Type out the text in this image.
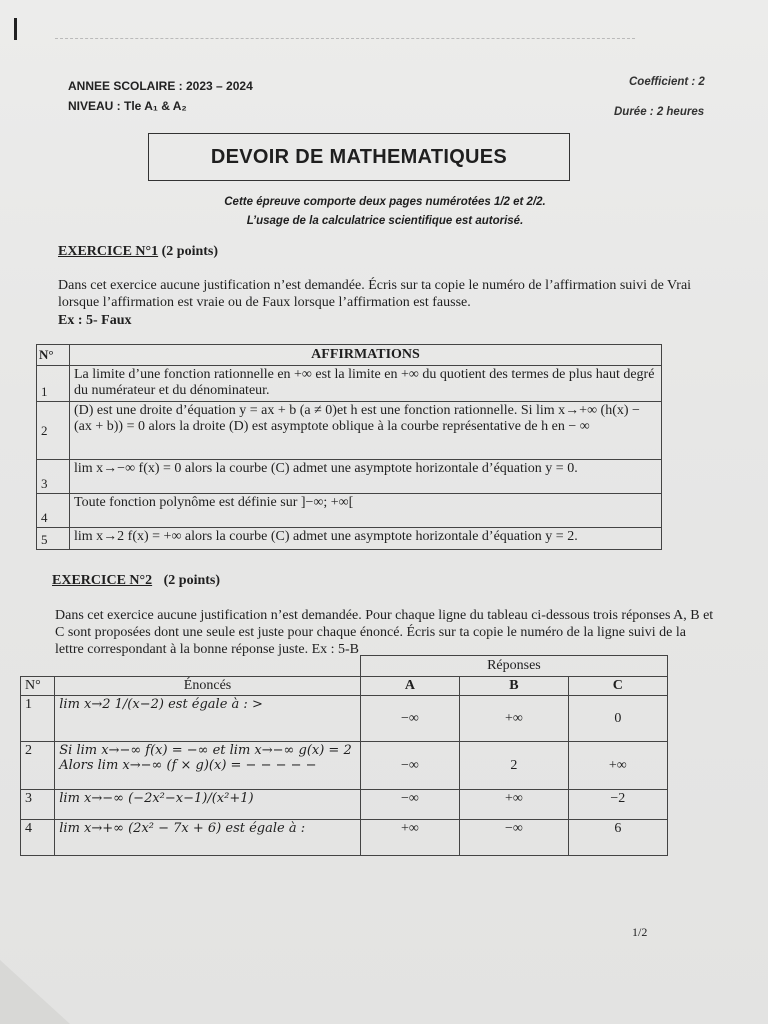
ANNEE SCOLAIRE : 2023 – 2024
NIVEAU : Tle A₁ & A₂
Coefficient : 2
Durée : 2 heures
DEVOIR DE MATHEMATIQUES
Cette épreuve comporte deux pages numérotées 1/2 et 2/2.
L’usage de la calculatrice scientifique est autorisé.
EXERCICE N°1 (2 points)
Dans cet exercice aucune justification n’est demandée. Écris sur ta copie le numéro de l’affirmation suivi de Vrai lorsque l’affirmation est vraie ou de Faux lorsque l’affirmation est fausse.
Ex : 5- Faux
N°	AFFIRMATIONS
1	La limite d’une fonction rationnelle en +∞ est la limite en +∞ du quotient des termes de plus haut degré du numérateur et du dénominateur.
2	(D) est une droite d’équation y = ax + b (a ≠ 0)et h est une fonction rationnelle. Si lim x→+∞ (h(x) − (ax + b)) = 0 alors la droite (D) est asymptote oblique à la courbe représentative de h en − ∞
3	lim x→−∞ f(x) = 0 alors la courbe (C) admet une asymptote horizontale d’équation y = 0.
4	Toute fonction polynôme est définie sur ]−∞; +∞[
5	lim x→2 f(x) = +∞ alors la courbe (C) admet une asymptote horizontale d’équation y = 2.
EXERCICE N°2 (2 points)
Dans cet exercice aucune justification n’est demandée. Pour chaque ligne du tableau ci-dessous trois réponses A, B et C sont proposées dont une seule est juste pour chaque énoncé. Écris sur ta copie le numéro de la ligne suivi de la lettre correspondant à la bonne réponse juste. Ex : 5-B
		Réponses		
N°	Énoncés	A	B	C
1	lim x→2 1/(x−2) est égale à : >	−∞	+∞	0
2	Si lim x→−∞ f(x) = −∞ et lim x→−∞ g(x) = 2 Alors lim x→−∞ (f × g)(x) = − − − − −	−∞	2	+∞
3	lim x→−∞ (−2x²−x−1)/(x²+1)	−∞	+∞	−2
4	lim x→+∞ (2x² − 7x + 6) est égale à :	+∞	−∞	6
1/2
